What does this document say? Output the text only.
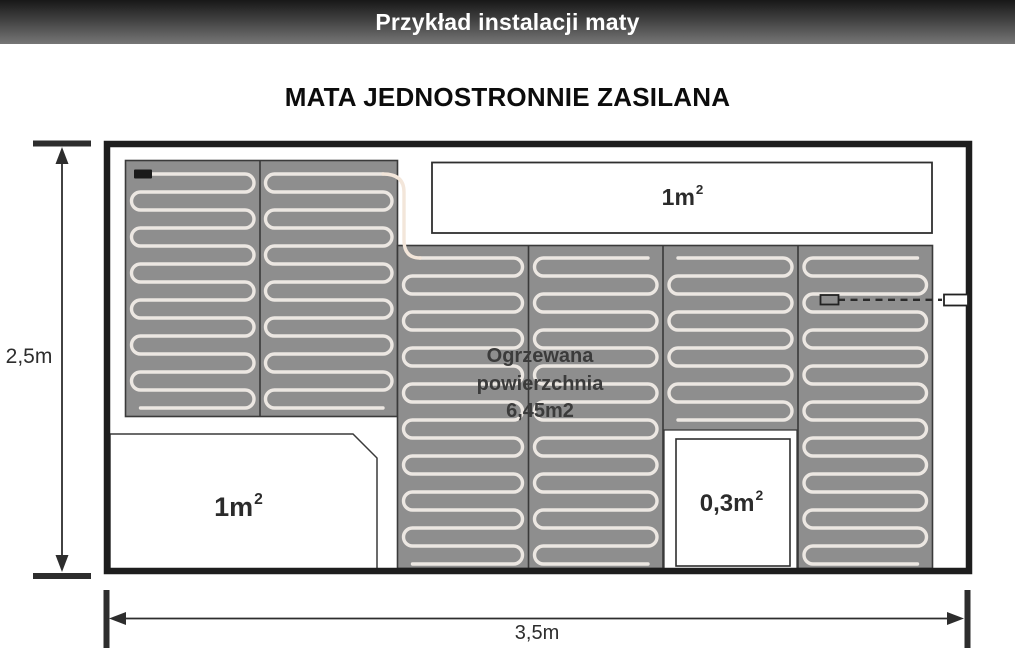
Przykład instalacji maty
MATA JEDNOSTRONNIE ZASILANA
$1m^2$
$1m^2$	$0,3m^2$
Ogrzewana
powierzchnia
6,45m2
2,5m
3,5m
